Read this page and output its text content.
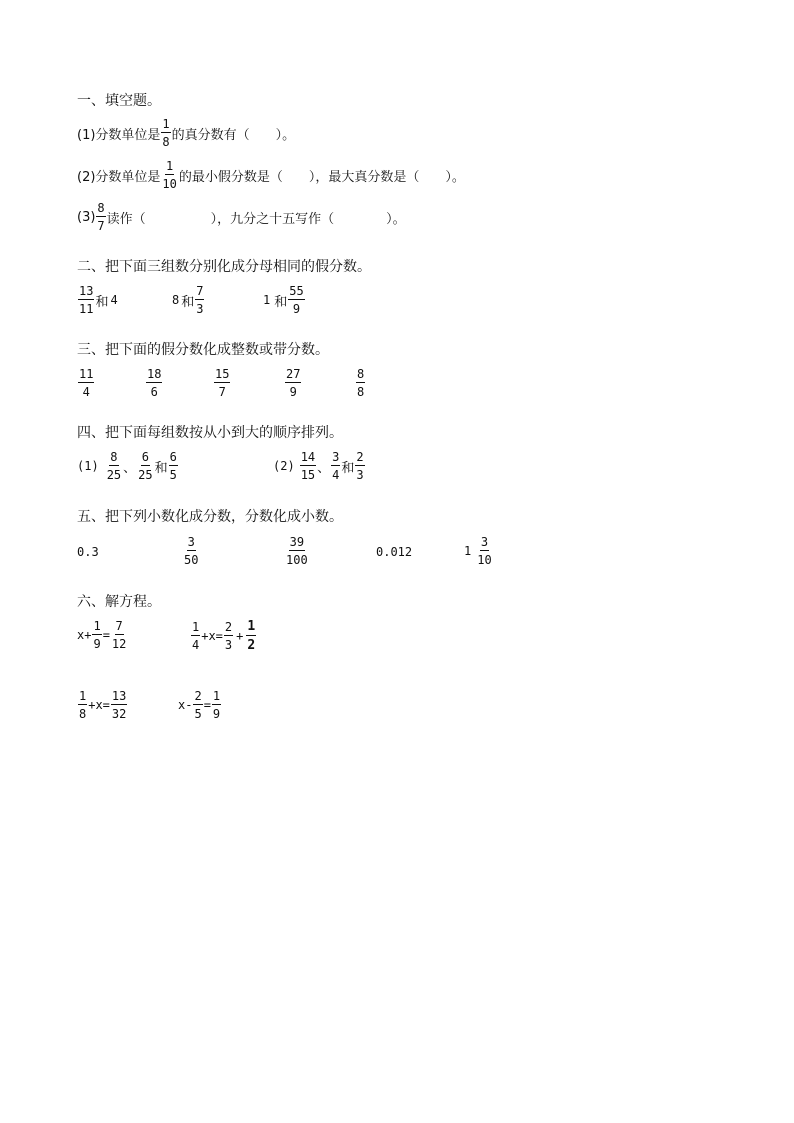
一、填空题。
(1)分数单位是 $\frac{1}{8}$ 的真分数有（　　）。
(2)分数单位是 $\frac{1}{10}$ 的最小假分数是（　　），最大真分数是（　　）。
$(3) \frac{8}{7}$ 读作（　　　　　），九分之十五写作（　　　　）。
二、把下面三组数分别化成分母相同的假分数。
$\frac{13}{11}$ 和 4	8 和 $\frac{7}{3}$	1 和 $\frac{55}{9}$
三、把下面的假分数化成整数或带分数。
$\frac{11}{4}$	$\frac{18}{6}$	$\frac{15}{7}$	$\frac{27}{9}$	$\frac{8}{8}$
四、把下面每组数按从小到大的顺序排列。
$(1) \frac{8}{25}$ 、 $\frac{6}{25}$ 和 $\frac{6}{5}$	$(2) \frac{14}{15}$ 、 $\frac{3}{4}$ 和 $\frac{2}{3}$
五、把下列小数化成分数，分数化成小数。
0.3	$\frac{3}{50}$	$\frac{39}{100}$	0.012	$1 \frac{3}{10}$
六、解方程。
$x+ \frac{1}{9} = \frac{7}{12}$	$\frac{1}{4} +x= \frac{2}{3} + \frac{1}{2}$
$\frac{1}{8} +x= \frac{13}{32}$	$x- \frac{2}{5} = \frac{1}{9}$
